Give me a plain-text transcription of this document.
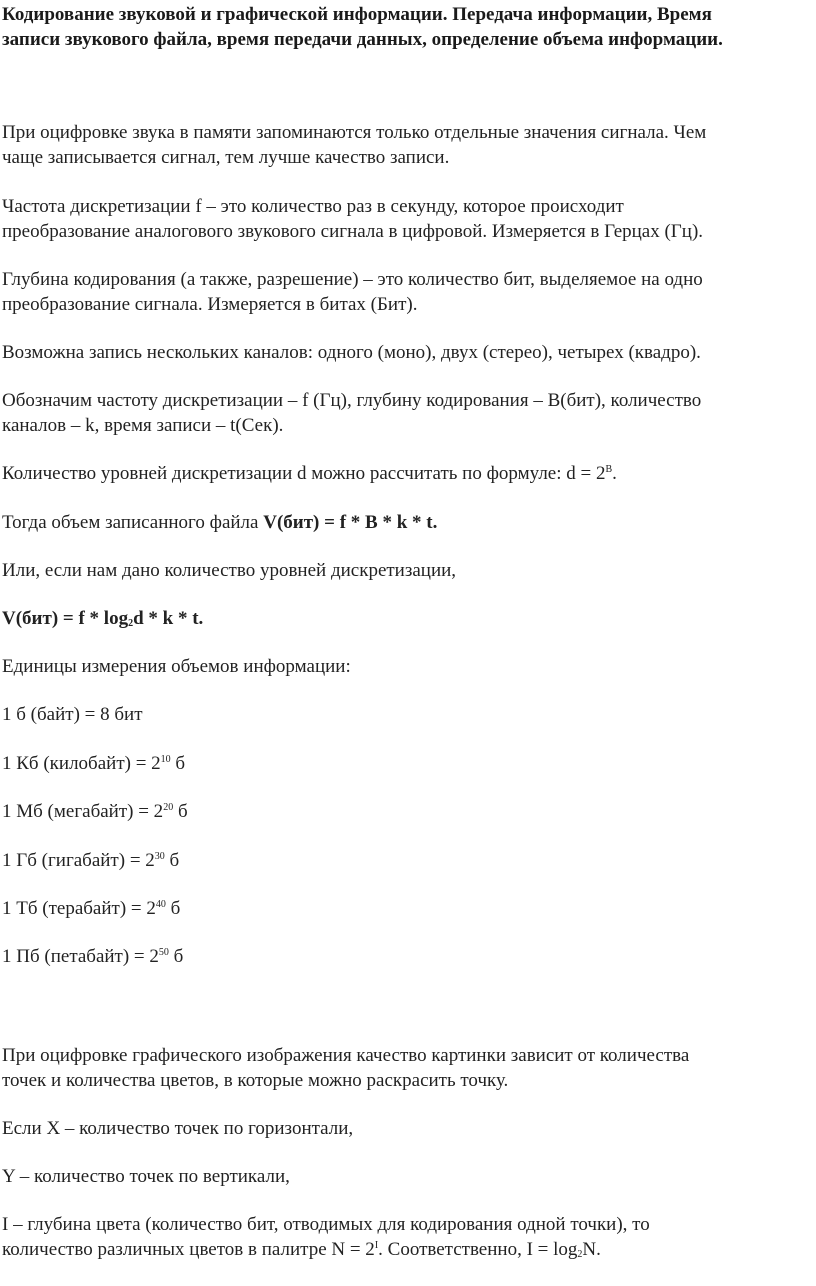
Кодирование звуковой и графической информации. Передача информации, Время
записи звукового файла, время передачи данных, определение объема информации.

При оцифровке звука в памяти запоминаются только отдельные значения сигнала. Чем
чаще записывается сигнал, тем лучше качество записи.

Частота дискретизации f – это количество раз в секунду, которое происходит
преобразование аналогового звукового сигнала в цифровой. Измеряется в Герцах (Гц).

Глубина кодирования (а также, разрешение) – это количество бит, выделяемое на одно
преобразование сигнала. Измеряется в битах (Бит).

Возможна запись нескольких каналов: одного (моно), двух (стерео), четырех (квадро).

Обозначим частоту дискретизации – f (Гц), глубину кодирования – B(бит), количество
каналов – k, время записи – t(Сек).

Количество уровней дискретизации d можно рассчитать по формуле: $d = 2^B$.

Тогда объем записанного файла V(бит) = f * B * k * t.

Или, если нам дано количество уровней дискретизации,

$V(бит) = f * \log_2d * k * t$.

Единицы измерения объемов информации:

1 б (байт) = 8 бит

1 Кб (килобайт) = $2^{10}$ б

1 Мб (мегабайт) = $2^{20}$ б

1 Гб (гигабайт) = $2^{30}$ б

1 Тб (терабайт) = $2^{40}$ б

1 Пб (петабайт) = $2^{50}$ б

При оцифровке графического изображения качество картинки зависит от количества
точек и количества цветов, в которые можно раскрасить точку.

Если X – количество точек по горизонтали,

Y – количество точек по вертикали,

I – глубина цвета (количество бит, отводимых для кодирования одной точки), то
количество различных цветов в палитре $N = 2^I$. Соответственно, $I = \log_2N$.
